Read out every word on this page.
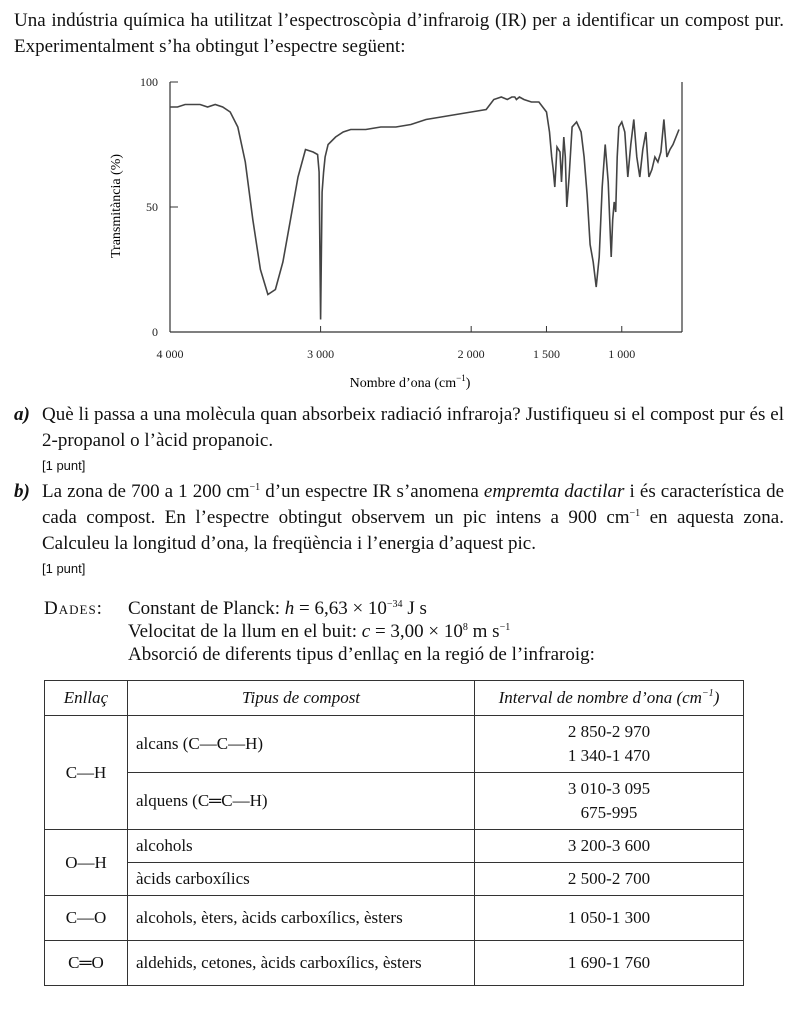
Una indústria química ha utilitzat l’espectroscòpia d’infraroig (IR) per a identificar un compost pur. Experimentalment s’ha obtingut l’espectre següent:
0
50
100
4 000	3 000	2 000	1 500	1 000
Transmitància (%)
Nombre d’ona $(cm^{-1})$
a) Què li passa a una molècula quan absorbeix radiació infraroja? Justifiqueu si el compost pur és el 2-propanol o l’àcid propanoic.
[1 punt]
b) La zona de 700 a 1 200 $cm^{-1}$ d’un espectre IR s’anomena empremta dactilar i és característica de cada compost. En l’espectre obtingut observem un pic intens a 900 $cm^{-1}$ en aquesta zona. Calculeu la longitud d’ona, la freqüència i l’energia d’aquest pic.
[1 punt]
Dades: Constant de Planck: $h = 6,63 \times 10^{-34}$ J s
Velocitat de la llum en el buit: $c = 3,00 \times 10^8$ m $s^{-1}$
Absorció de diferents tipus d’enllaç en la regió de l’infraroig:
Enllaç	Tipus de compost	Interval de nombre d’ona $(cm^{-1})$
C—H	alcans (C—C—H)	2 850-2 970
1 340-1 470

	alquens (C═C—H)	3 010-3 095
675-995

O—H	alcohols	3 200-3 600
	àcids carboxílics	2 500-2 700
C—O	alcohols, èters, àcids carboxílics, èsters	1 050-1 300
C═O	aldehids, cetones, àcids carboxílics, èsters	1 690-1 760
